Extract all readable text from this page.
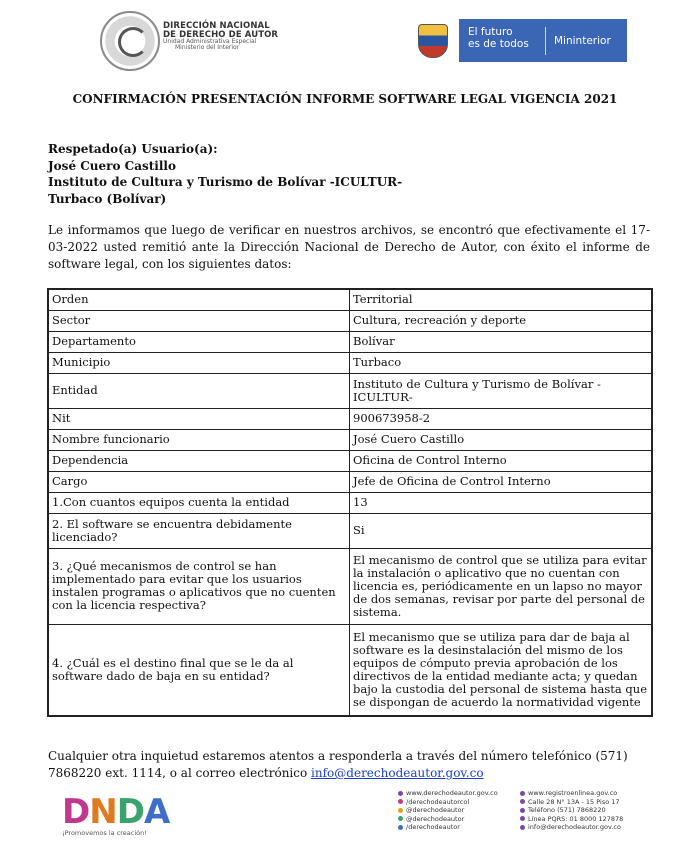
DIRECCIÓN NACIONAL
DE DERECHO DE AUTOR
Unidad Administrativa Especial
Ministerio del Interior
El futuro
es de todos Mininterior
CONFIRMACIÓN PRESENTACIÓN INFORME SOFTWARE LEGAL VIGENCIA 2021
Respetado(a) Usuario(a):
José Cuero Castillo
Instituto de Cultura y Turismo de Bolívar -ICULTUR-
Turbaco (Bolívar)
Le informamos que luego de verificar en nuestros archivos, se encontró que efectivamente el 17-03-2022 usted remitió ante la Dirección Nacional de Derecho de Autor, con éxito el informe de software legal, con los siguientes datos:
Orden	Territorial
Sector	Cultura, recreación y deporte
Departamento	Bolívar
Municipio	Turbaco
Entidad	Instituto de Cultura y Turismo de Bolívar - ICULTUR-
Nit	900673958-2
Nombre funcionario	José Cuero Castillo
Dependencia	Oficina de Control Interno
Cargo	Jefe de Oficina de Control Interno
1.Con cuantos equipos cuenta la entidad	13
2. El software se encuentra debidamente licenciado?	Si
3. ¿Qué mecanismos de control se han implementado para evitar que los usuarios instalen programas o aplicativos que no cuenten con la licencia respectiva?	El mecanismo de control que se utiliza para evitar la instalación o aplicativo que no cuentan con licencia es, periódicamente en un lapso no mayor de dos semanas, revisar por parte del personal de sistema.
4. ¿Cuál es el destino final que se le da al software dado de baja en su entidad?	El mecanismo que se utiliza para dar de baja al software es la desinstalación del mismo de los equipos de cómputo previa aprobación de los directivos de la entidad mediante acta; y quedan bajo la custodia del personal de sistema hasta que se dispongan de acuerdo la normatividad vigente
Cualquier otra inquietud estaremos atentos a responderla a través del número telefónico (571) 7868220 ext. 1114, o al correo electrónico info@derechodeautor.gov.co
DNDA
¡Promovemos la creación!
www.derechodeautor.gov.co
/derechodeautorcol
@derechodeautor
@derechodeautor
/derechodeautor
www.registroenlinea.gov.co
Calle 28 N° 13A - 15 Piso 17
Teléfono (571) 7868220
Línea PQRS: 01 8000 127878
info@derechodeautor.gov.co
